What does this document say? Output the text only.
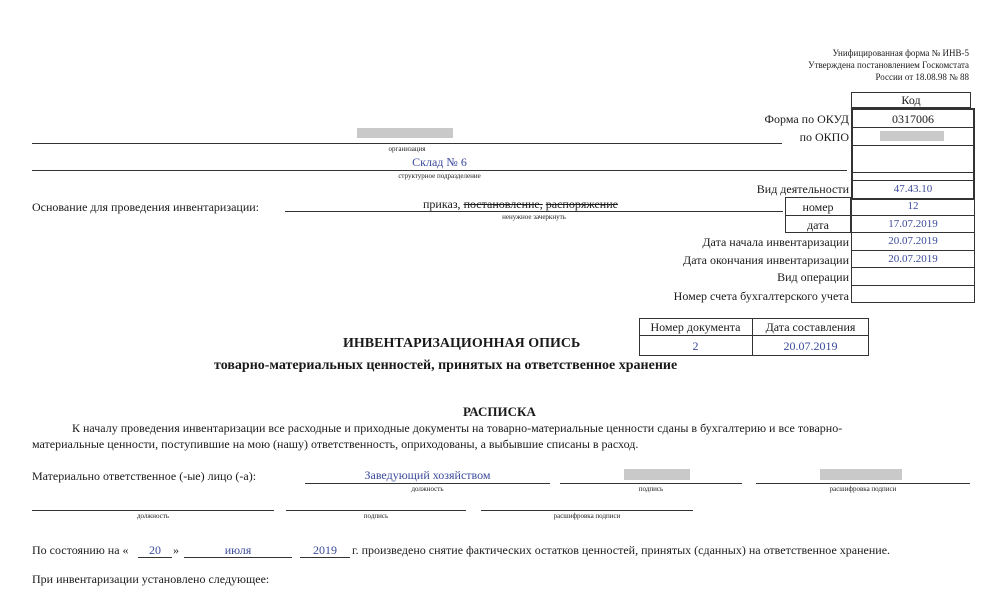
Унифицированная форма № ИНВ-5
Утверждена постановлением Госкомстата
России от 18.08.98 № 88
Код
Форма по ОКУД	0317006
по ОКПО
Вид деятельности	47.43.10
номер	12
дата	17.07.2019
Дата начала инвентаризации	20.07.2019
Дата окончания инвентаризации	20.07.2019
Вид операции
Номер счета бухгалтерского учета
организация
Склад № 6
структурное подразделение
Основание для проведения инвентаризации:	приказ, постановление, распоряжение
ненужное зачеркнуть
Номер документа	Дата составления
2	20.07.2019
ИНВЕНТАРИЗАЦИОННАЯ ОПИСЬ
товарно-материальных ценностей, принятых на ответственное хранение
РАСПИСКА
К началу проведения инвентаризации все расходные и приходные документы на товарно-материальные ценности сданы в бухгалтерию и все товарно-
материальные ценности, поступившие на мою (нашу) ответственность, оприходованы, а выбывшие списаны в расход.
Материально ответственное (-ые) лицо (-а):	Заведующий хозяйством
должность	подпись	расшифровка подписи
должность	подпись	расшифровка подписи
По состоянию на «	20	»	июля	2019	г. произведено снятие фактических остатков ценностей, принятых (сданных) на ответственное хранение.
При инвентаризации установлено следующее:
